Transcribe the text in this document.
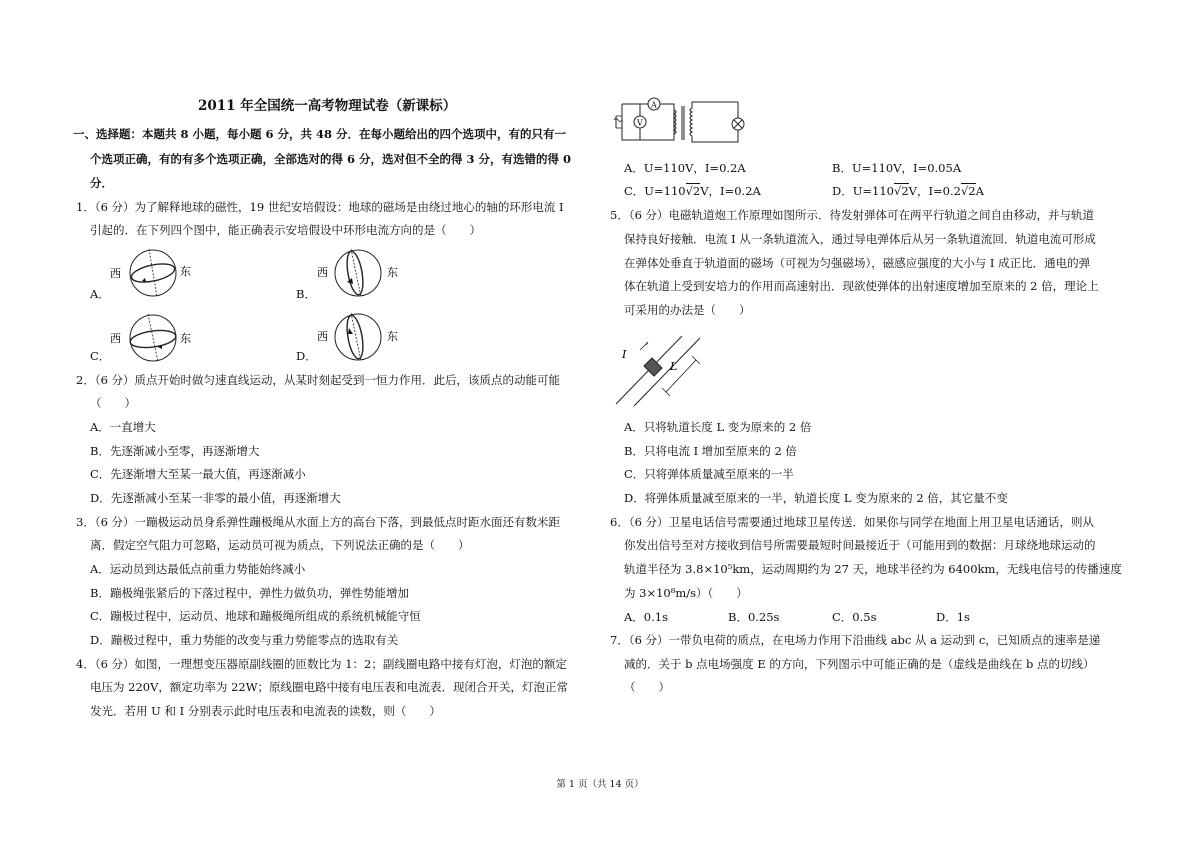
2011 年全国统一高考物理试卷（新课标）
一、选择题：本题共 8 小题，每小题 6 分，共 48 分．在每小题给出的四个选项中，有的只有一
个选项正确，有的有多个选项正确，全部选对的得 6 分，选对但不全的得 3 分，有选错的得 0
分．
1．（6 分）为了解释地球的磁性，19 世纪安培假设：地球的磁场是由绕过地心的轴的环形电流 I
引起的．在下列四个图中，能正确表示安培假设中环形电流方向的是（　　）
A．
西	东
B．
西	东
C．
西	东
D．
西	东
2．（6 分）质点开始时做匀速直线运动，从某时刻起受到一恒力作用．此后，该质点的动能可能
（　　）
A．一直增大
B．先逐渐减小至零，再逐渐增大
C．先逐渐增大至某一最大值，再逐渐减小
D．先逐渐减小至某一非零的最小值，再逐渐增大
3．（6 分）一蹦极运动员身系弹性蹦极绳从水面上方的高台下落，到最低点时距水面还有数米距
离．假定空气阻力可忽略，运动员可视为质点，下列说法正确的是（　　）
A．运动员到达最低点前重力势能始终减小
B．蹦极绳张紧后的下落过程中，弹性力做负功，弹性势能增加
C．蹦极过程中，运动员、地球和蹦极绳所组成的系统机械能守恒
D．蹦极过程中，重力势能的改变与重力势能零点的选取有关
4．（6 分）如图，一理想变压器原副线圈的匝数比为 1：2；副线圈电路中接有灯泡，灯泡的额定
电压为 220V，额定功率为 22W；原线圈电路中接有电压表和电流表．现闭合开关，灯泡正常
发光．若用 U 和 I 分别表示此时电压表和电流表的读数，则（　　）
A
V
A．U=110V，I=0.2A	B．U=110V，I=0.05A
C．U=110√2V，I=0.2A	D．U=110√2V，I=0.2√2A
5．（6 分）电磁轨道炮工作原理如图所示．待发射弹体可在两平行轨道之间自由移动，并与轨道
保持良好接触．电流 I 从一条轨道流入，通过导电弹体后从另一条轨道流回．轨道电流可形成
在弹体处垂直于轨道面的磁场（可视为匀强磁场），磁感应强度的大小与 I 成正比．通电的弹
体在轨道上受到安培力的作用而高速射出．现欲使弹体的出射速度增加至原来的 2 倍，理论上
可采用的办法是（　　）
I
L
A．只将轨道长度 L 变为原来的 2 倍
B．只将电流 I 增加至原来的 2 倍
C．只将弹体质量减至原来的一半
D．将弹体质量减至原来的一半，轨道长度 L 变为原来的 2 倍，其它量不变
6．（6 分）卫星电话信号需要通过地球卫星传送．如果你与同学在地面上用卫星电话通话，则从
你发出信号至对方接收到信号所需要最短时间最接近于（可能用到的数据：月球绕地球运动的
轨道半径为 3.8×10⁵km，运动周期约为 27 天，地球半径约为 6400km，无线电信号的传播速度
为 3×10⁸m/s）（　　）
A．0.1s	B．0.25s	C．0.5s	D．1s
7．（6 分）一带负电荷的质点，在电场力作用下沿曲线 abc 从 a 运动到 c，已知质点的速率是递
减的．关于 b 点电场强度 E 的方向，下列图示中可能正确的是（虚线是曲线在 b 点的切线）
（　　）
第 1 页（共 14 页）
